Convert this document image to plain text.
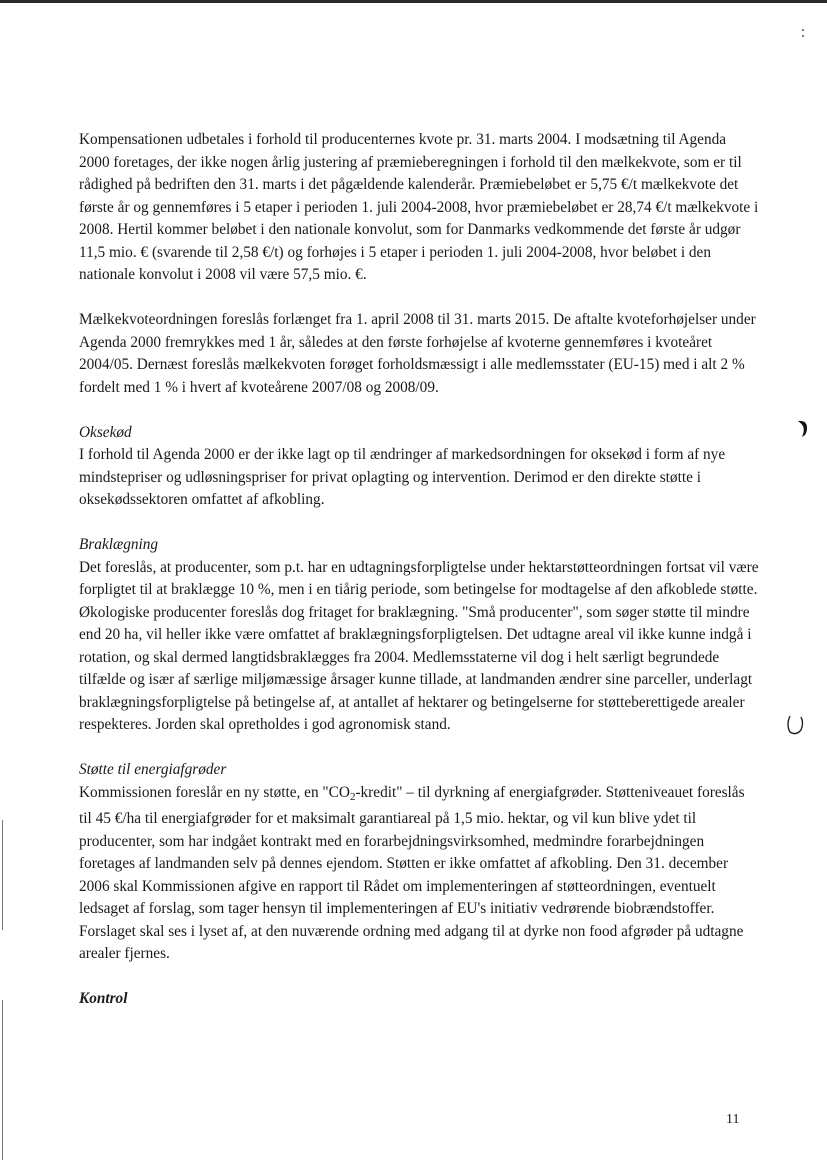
Kompensationen udbetales i forhold til producenternes kvote pr. 31. marts 2004. I modsætning til Agenda 2000 foretages, der ikke nogen årlig justering af præmieberegningen i forhold til den mælkekvote, som er til rådighed på bedriften den 31. marts i det pågældende kalenderår. Præmiebeløbet er 5,75 €/t mælkekvote det første år og gennemføres i 5 etaper i perioden 1. juli 2004-2008, hvor præmiebeløbet er 28,74 €/t mælkekvote i 2008. Hertil kommer beløbet i den nationale konvolut, som for Danmarks vedkommende det første år udgør 11,5 mio. € (svarende til 2,58 €/t) og forhøjes i 5 etaper i perioden 1. juli 2004-2008, hvor beløbet i den nationale konvolut i 2008 vil være 57,5 mio. €.

Mælkekvoteordningen foreslås forlænget fra 1. april 2008 til 31. marts 2015. De aftalte kvoteforhøjelser under Agenda 2000 fremrykkes med 1 år, således at den første forhøjelse af kvoterne gennemføres i kvoteåret 2004/05. Dernæst foreslås mælkekvoten forøget forholdsmæssigt i alle medlemsstater (EU-15) med i alt 2 % fordelt med 1 % i hvert af kvoteårene 2007/08 og 2008/09.

Oksekød
I forhold til Agenda 2000 er der ikke lagt op til ændringer af markedsordningen for oksekød i form af nye mindstepriser og udløsningspriser for privat oplagting og intervention. Derimod er den direkte støtte i oksekødssektoren omfattet af afkobling.
Braklægning
Det foreslås, at producenter, som p.t. har en udtagningsforpligtelse under hektarstøtteordningen fortsat vil være forpligtet til at braklægge 10 %, men i en tiårig periode, som betingelse for modtagelse af den afkoblede støtte. Økologiske producenter foreslås dog fritaget for braklægning. "Små producenter", som søger støtte til mindre end 20 ha, vil heller ikke være omfattet af braklægningsforpligtelsen. Det udtagne areal vil ikke kunne indgå i rotation, og skal dermed langtidsbraklægges fra 2004. Medlemsstaterne vil dog i helt særligt begrundede tilfælde og især af særlige miljømæssige årsager kunne tillade, at landmanden ændrer sine parceller, underlagt braklægningsforpligtelse på betingelse af, at antallet af hektarer og betingelserne for støtteberettigede arealer respekteres. Jorden skal opretholdes i god agronomisk stand.
Støtte til energiafgrøder
Kommissionen foreslår en ny støtte, en "$CO_2$-kredit" – til dyrkning af energiafgrøder. Støtteniveauet foreslås til 45 €/ha til energiafgrøder for et maksimalt garantiareal på 1,5 mio. hektar, og vil kun blive ydet til producenter, som har indgået kontrakt med en forarbejdningsvirksomhed, medmindre forarbejdningen foretages af landmanden selv på dennes ejendom. Støtten er ikke omfattet af afkobling. Den 31. december 2006 skal Kommissionen afgive en rapport til Rådet om implementeringen af støtteordningen, eventuelt ledsaget af forslag, som tager hensyn til implementeringen af EU's initiativ vedrørende biobrændstoffer. Forslaget skal ses i lyset af, at den nuværende ordning med adgang til at dyrke non food afgrøder på udtagne arealer fjernes.
Kontrol
11
